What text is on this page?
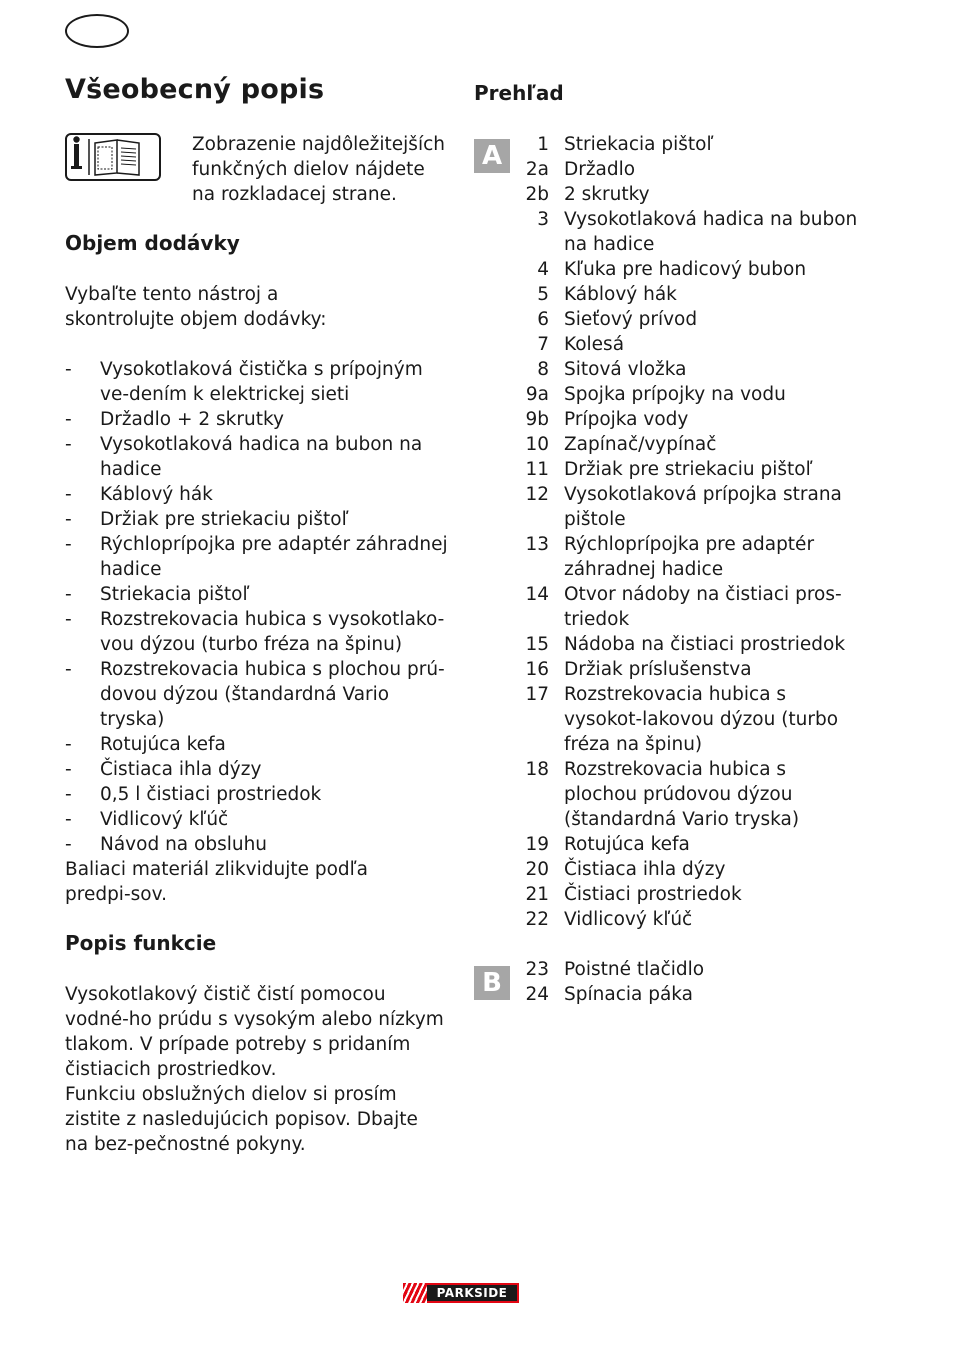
Všeobecný popis

Zobrazenie najdôležitejších funkčných dielov nájdete na rozkladacej strane.

Objem dodávky

Vybaľte tento nástroj a skontrolujte objem dodávky:

- Vysokotlaková čistička s prípojným ve-dením k elektrickej sieti
- Držadlo + 2 skrutky
- Vysokotlaková hadica na bubon na hadice
- Káblový hák
- Držiak pre striekaciu pištoľ
- Rýchloprípojka pre adaptér záhradnej hadice
- Striekacia pištoľ
- Rozstrekovacia hubica s vysokotlako-vou dýzou (turbo fréza na špinu)
- Rozstrekovacia hubica s plochou prú-dovou dýzou (štandardná Vario tryska)
- Rotujúca kefa
- Čistiaca ihla dýzy
- 0,5 l čistiaci prostriedok
- Vidlicový kľúč
- Návod na obsluhu

Baliaci materiál zlikvidujte podľa predpi-sov.

Popis funkcie

Vysokotlakový čistič čistí pomocou vodné-ho prúdu s vysokým alebo nízkym tlakom. V prípade potreby s pridaním čistiacich prostriedkov.

Funkciu obslužných dielov si prosím zistite z nasledujúcich popisov. Dbajte na bez-pečnostné pokyny.

Prehľad
A	1	Striekacia pištoľ
2a	Držadlo
2b	2 skrutky
3	Vysokotlaková hadica na bubon na hadice
4	Kľuka pre hadicový bubon
5	Káblový hák
6	Sieťový prívod
7	Kolesá
8	Sitová vložka
9a	Spojka prípojky na vodu
9b	Prípojka vody
10	Zapínač/vypínač
11	Držiak pre striekaciu pištoľ
12	Vysokotlaková prípojka strana pištole
13	Rýchloprípojka pre adaptér záhradnej hadice
14	Otvor nádoby na čistiaci pros-triedok
15	Nádoba na čistiaci prostriedok
16	Držiak príslušenstva
17	Rozstrekovacia hubica s vysokot-lakovou dýzou (turbo fréza na špinu)
18	Rozstrekovacia hubica s plochou prúdovou dýzou (štandardná Vario tryska)
19	Rotujúca kefa
20	Čistiaca ihla dýzy
21	Čistiaci prostriedok
22	Vidlicový kľúč
B	23	Poistné tlačidlo
24	Spínacia páka
PARKSIDE
